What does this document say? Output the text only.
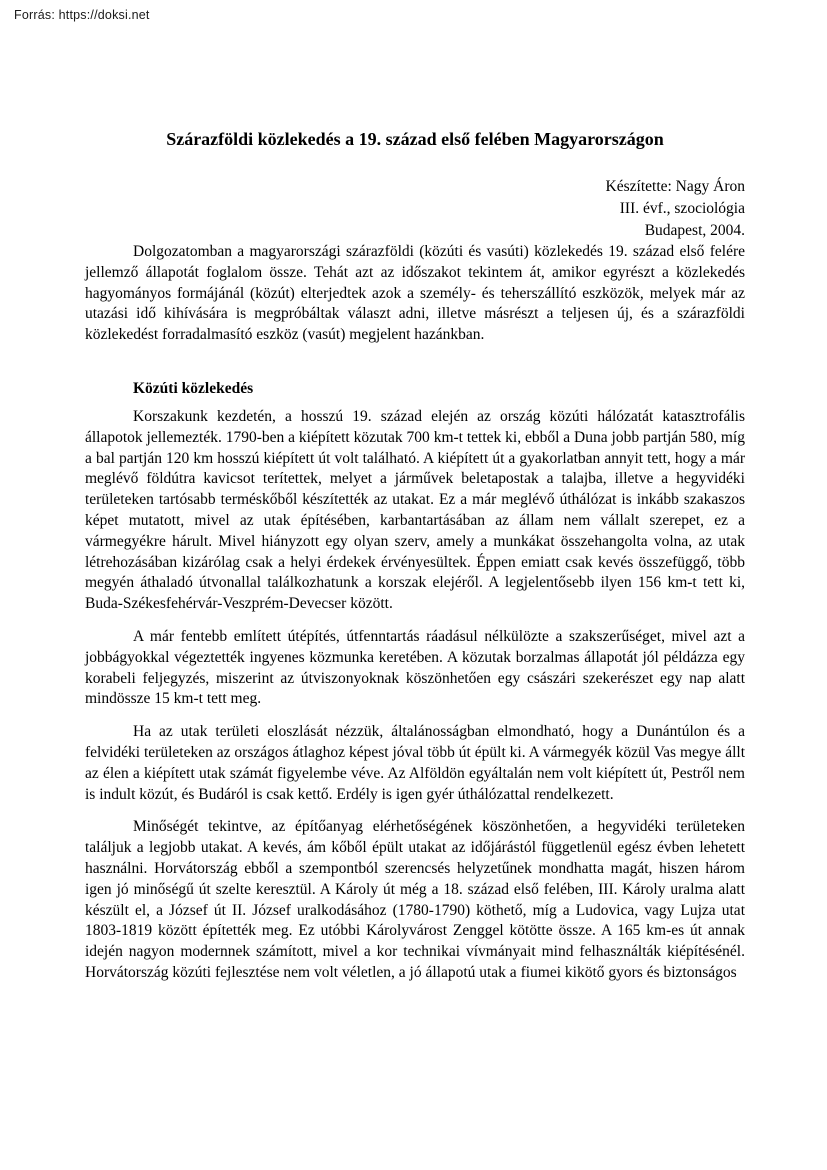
Forrás: https://doksi.net
Szárazföldi közlekedés a 19. század első felében Magyarországon
Készítette: Nagy Áron
III. évf., szociológia
Budapest, 2004.

Dolgozatomban a magyarországi szárazföldi (közúti és vasúti) közlekedés 19. század első felére jellemző állapotát foglalom össze. Tehát azt az időszakot tekintem át, amikor egyrészt a közlekedés hagyományos formájánál (közút) elterjedtek azok a személy- és teherszállító eszközök, melyek már az utazási idő kihívására is megpróbáltak választ adni, illetve másrészt a teljesen új, és a szárazföldi közlekedést forradalmasító eszköz (vasút) megjelent hazánkban.

Közúti közlekedés

Korszakunk kezdetén, a hosszú 19. század elején az ország közúti hálózatát katasztrofális állapotok jellemezték. 1790-ben a kiépített közutak 700 km-t tettek ki, ebből a Duna jobb partján 580, míg a bal partján 120 km hosszú kiépített út volt található. A kiépített út a gyakorlatban annyit tett, hogy a már meglévő földútra kavicsot terítettek, melyet a járművek beletapostak a talajba, illetve a hegyvidéki területeken tartósabb terméskőből készítették az utakat. Ez a már meglévő úthálózat is inkább szakaszos képet mutatott, mivel az utak építésében, karbantartásában az állam nem vállalt szerepet, ez a vármegyékre hárult. Mivel hiányzott egy olyan szerv, amely a munkákat összehangolta volna, az utak létrehozásában kizárólag csak a helyi érdekek érvényesültek. Éppen emiatt csak kevés összefüggő, több megyén áthaladó útvonallal találkozhatunk a korszak elejéről. A legjelentősebb ilyen 156 km-t tett ki, Buda-Székesfehérvár-Veszprém-Devecser között.

A már fentebb említett útépítés, útfenntartás ráadásul nélkülözte a szakszerűséget, mivel azt a jobbágyokkal végeztették ingyenes közmunka keretében. A közutak borzalmas állapotát jól példázza egy korabeli feljegyzés, miszerint az útviszonyoknak köszönhetően egy császári szekerészet egy nap alatt mindössze 15 km-t tett meg.

Ha az utak területi eloszlását nézzük, általánosságban elmondható, hogy a Dunántúlon és a felvidéki területeken az országos átlaghoz képest jóval több út épült ki. A vármegyék közül Vas megye állt az élen a kiépített utak számát figyelembe véve. Az Alföldön egyáltalán nem volt kiépített út, Pestről nem is indult közút, és Budáról is csak kettő. Erdély is igen gyér úthálózattal rendelkezett.

Minőségét tekintve, az építőanyag elérhetőségének köszönhetően, a hegyvidéki területeken találjuk a legjobb utakat. A kevés, ám kőből épült utakat az időjárástól függetlenül egész évben lehetett használni. Horvátország ebből a szempontból szerencsés helyzetűnek mondhatta magát, hiszen három igen jó minőségű út szelte keresztül. A Károly út még a 18. század első felében, III. Károly uralma alatt készült el, a József út II. József uralkodásához (1780-1790) köthető, míg a Ludovica, vagy Lujza utat 1803-1819 között építették meg. Ez utóbbi Károlyvárost Zenggel kötötte össze. A 165 km-es út annak idején nagyon modernnek számított, mivel a kor technikai vívmányait mind felhasználták kiépítésénél. Horvátország közúti fejlesztése nem volt véletlen, a jó állapotú utak a fiumei kikötő gyors és biztonságos
